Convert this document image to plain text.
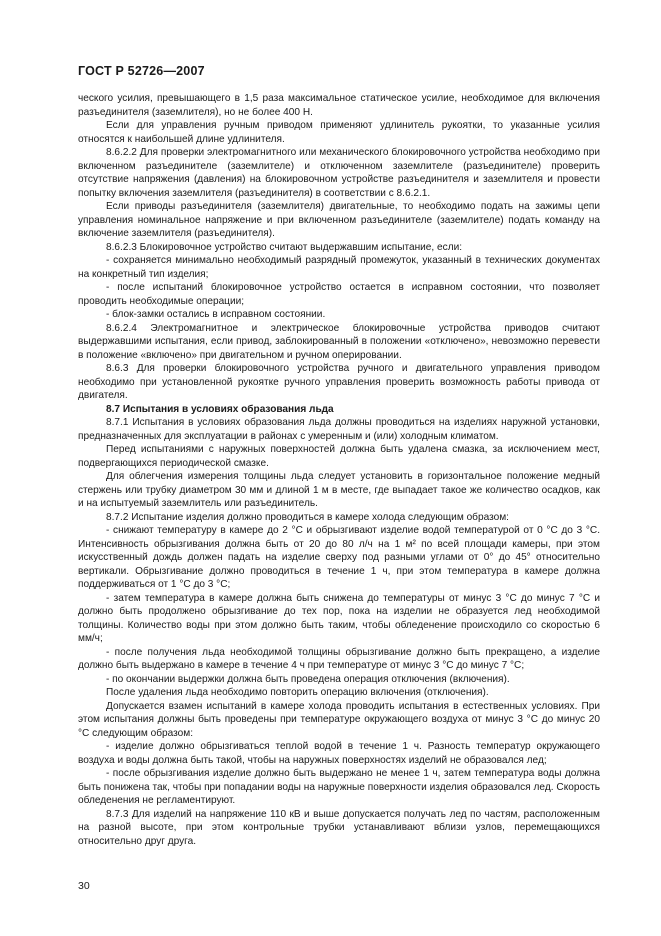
ГОСТ Р 52726—2007

ческого усилия, превышающего в 1,5 раза максимальное статическое усилие, необходимое для включения разъединителя (заземлителя), но не более 400 Н.

Если для управления ручным приводом применяют удлинитель рукоятки, то указанные усилия относятся к наибольшей длине удлинителя.

8.6.2.2 Для проверки электромагнитного или механического блокировочного устройства необходимо при включенном разъединителе (заземлителе) и отключенном заземлителе (разъединителе) проверить отсутствие напряжения (давления) на блокировочном устройстве разъединителя и заземлителя и провести попытку включения заземлителя (разъединителя) в соответствии с 8.6.2.1.

Если приводы разъединителя (заземлителя) двигательные, то необходимо подать на зажимы цепи управления номинальное напряжение и при включенном разъединителе (заземлителе) подать команду на включение заземлителя (разъединителя).

8.6.2.3 Блокировочное устройство считают выдержавшим испытание, если:

- сохраняется минимально необходимый разрядный промежуток, указанный в технических документах на конкретный тип изделия;

- после испытаний блокировочное устройство остается в исправном состоянии, что позволяет проводить необходимые операции;

- блок-замки остались в исправном состоянии.

8.6.2.4 Электромагнитное и электрическое блокировочные устройства приводов считают выдержавшими испытания, если привод, заблокированный в положении «отключено», невозможно перевести в положение «включено» при двигательном и ручном оперировании.

8.6.3 Для проверки блокировочного устройства ручного и двигательного управления приводом необходимо при установленной рукоятке ручного управления проверить возможность работы привода от двигателя.

8.7 Испытания в условиях образования льда

8.7.1 Испытания в условиях образования льда должны проводиться на изделиях наружной установки, предназначенных для эксплуатации в районах с умеренным и (или) холодным климатом.

Перед испытаниями с наружных поверхностей должна быть удалена смазка, за исключением мест, подвергающихся периодической смазке.

Для облегчения измерения толщины льда следует установить в горизонтальное положение медный стержень или трубку диаметром 30 мм и длиной 1 м в месте, где выпадает такое же количество осадков, как и на испытуемый заземлитель или разъединитель.

8.7.2 Испытание изделия должно проводиться в камере холода следующим образом:

- снижают температуру в камере до 2 °С и обрызгивают изделие водой температурой от 0 °С до 3 °С. Интенсивность обрызгивания должна быть от 20 до 80 л/ч на 1 м² по всей площади камеры, при этом искусственный дождь должен падать на изделие сверху под разными углами от 0° до 45° относительно вертикали. Обрызгивание должно проводиться в течение 1 ч, при этом температура в камере должна поддерживаться от 1 °С до 3 °С;

- затем температура в камере должна быть снижена до температуры от минус 3 °С до минус 7 °С и должно быть продолжено обрызгивание до тех пор, пока на изделии не образуется лед необходимой толщины. Количество воды при этом должно быть таким, чтобы обледенение происходило со скоростью 6 мм/ч;

- после получения льда необходимой толщины обрызгивание должно быть прекращено, а изделие должно быть выдержано в камере в течение 4 ч при температуре от минус 3 °С до минус 7 °С;

- по окончании выдержки должна быть проведена операция отключения (включения).

После удаления льда необходимо повторить операцию включения (отключения).

Допускается взамен испытаний в камере холода проводить испытания в естественных условиях. При этом испытания должны быть проведены при температуре окружающего воздуха от минус 3 °С до минус 20 °С следующим образом:

- изделие должно обрызгиваться теплой водой в течение 1 ч. Разность температур окружающего воздуха и воды должна быть такой, чтобы на наружных поверхностях изделий не образовался лед;

- после обрызгивания изделие должно быть выдержано не менее 1 ч, затем температура воды должна быть понижена так, чтобы при попадании воды на наружные поверхности изделия образовался лед. Скорость обледенения не регламентируют.

8.7.3 Для изделий на напряжение 110 кВ и выше допускается получать лед по частям, расположенным на разной высоте, при этом контрольные трубки устанавливают вблизи узлов, перемещающихся относительно друг друга.

30
